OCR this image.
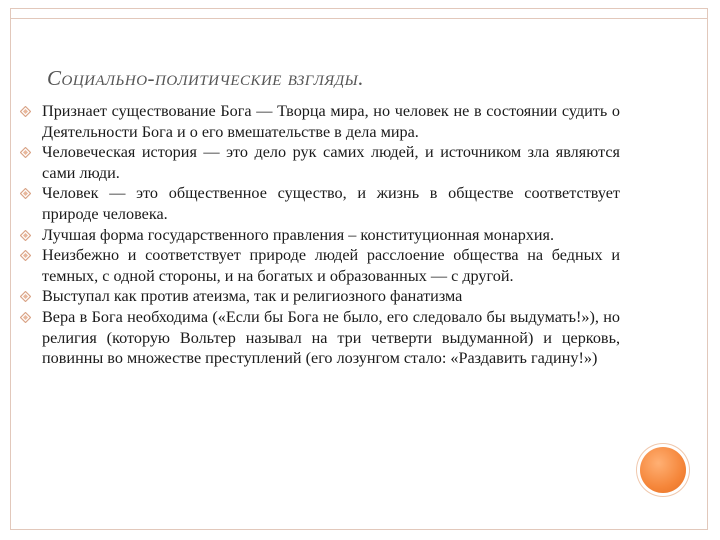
Социально-политические взгляды.
Признает существование Бога — Творца мира, но человек не в состоянии судить о Деятельности Бога и о его вмешательстве в дела мира.
Человеческая история — это дело рук самих людей, и источником зла являются сами люди.
Человек — это общественное существо, и жизнь в обществе соответствует природе человека.
Лучшая форма государственного правления – конституционная монархия.
Неизбежно и соответствует природе людей расслоение общества на бедных и темных, с одной стороны, и на богатых и образованных — с другой.
Выступал как против атеизма, так и религиозного фанатизма
Вера в Бога необходима («Если бы Бога не было, его следовало бы выдумать!»), но религия (которую Вольтер называл на три четверти выдуманной) и церковь, повинны во множестве преступлений (его лозунгом стало: «Раздавить гадину!»)
